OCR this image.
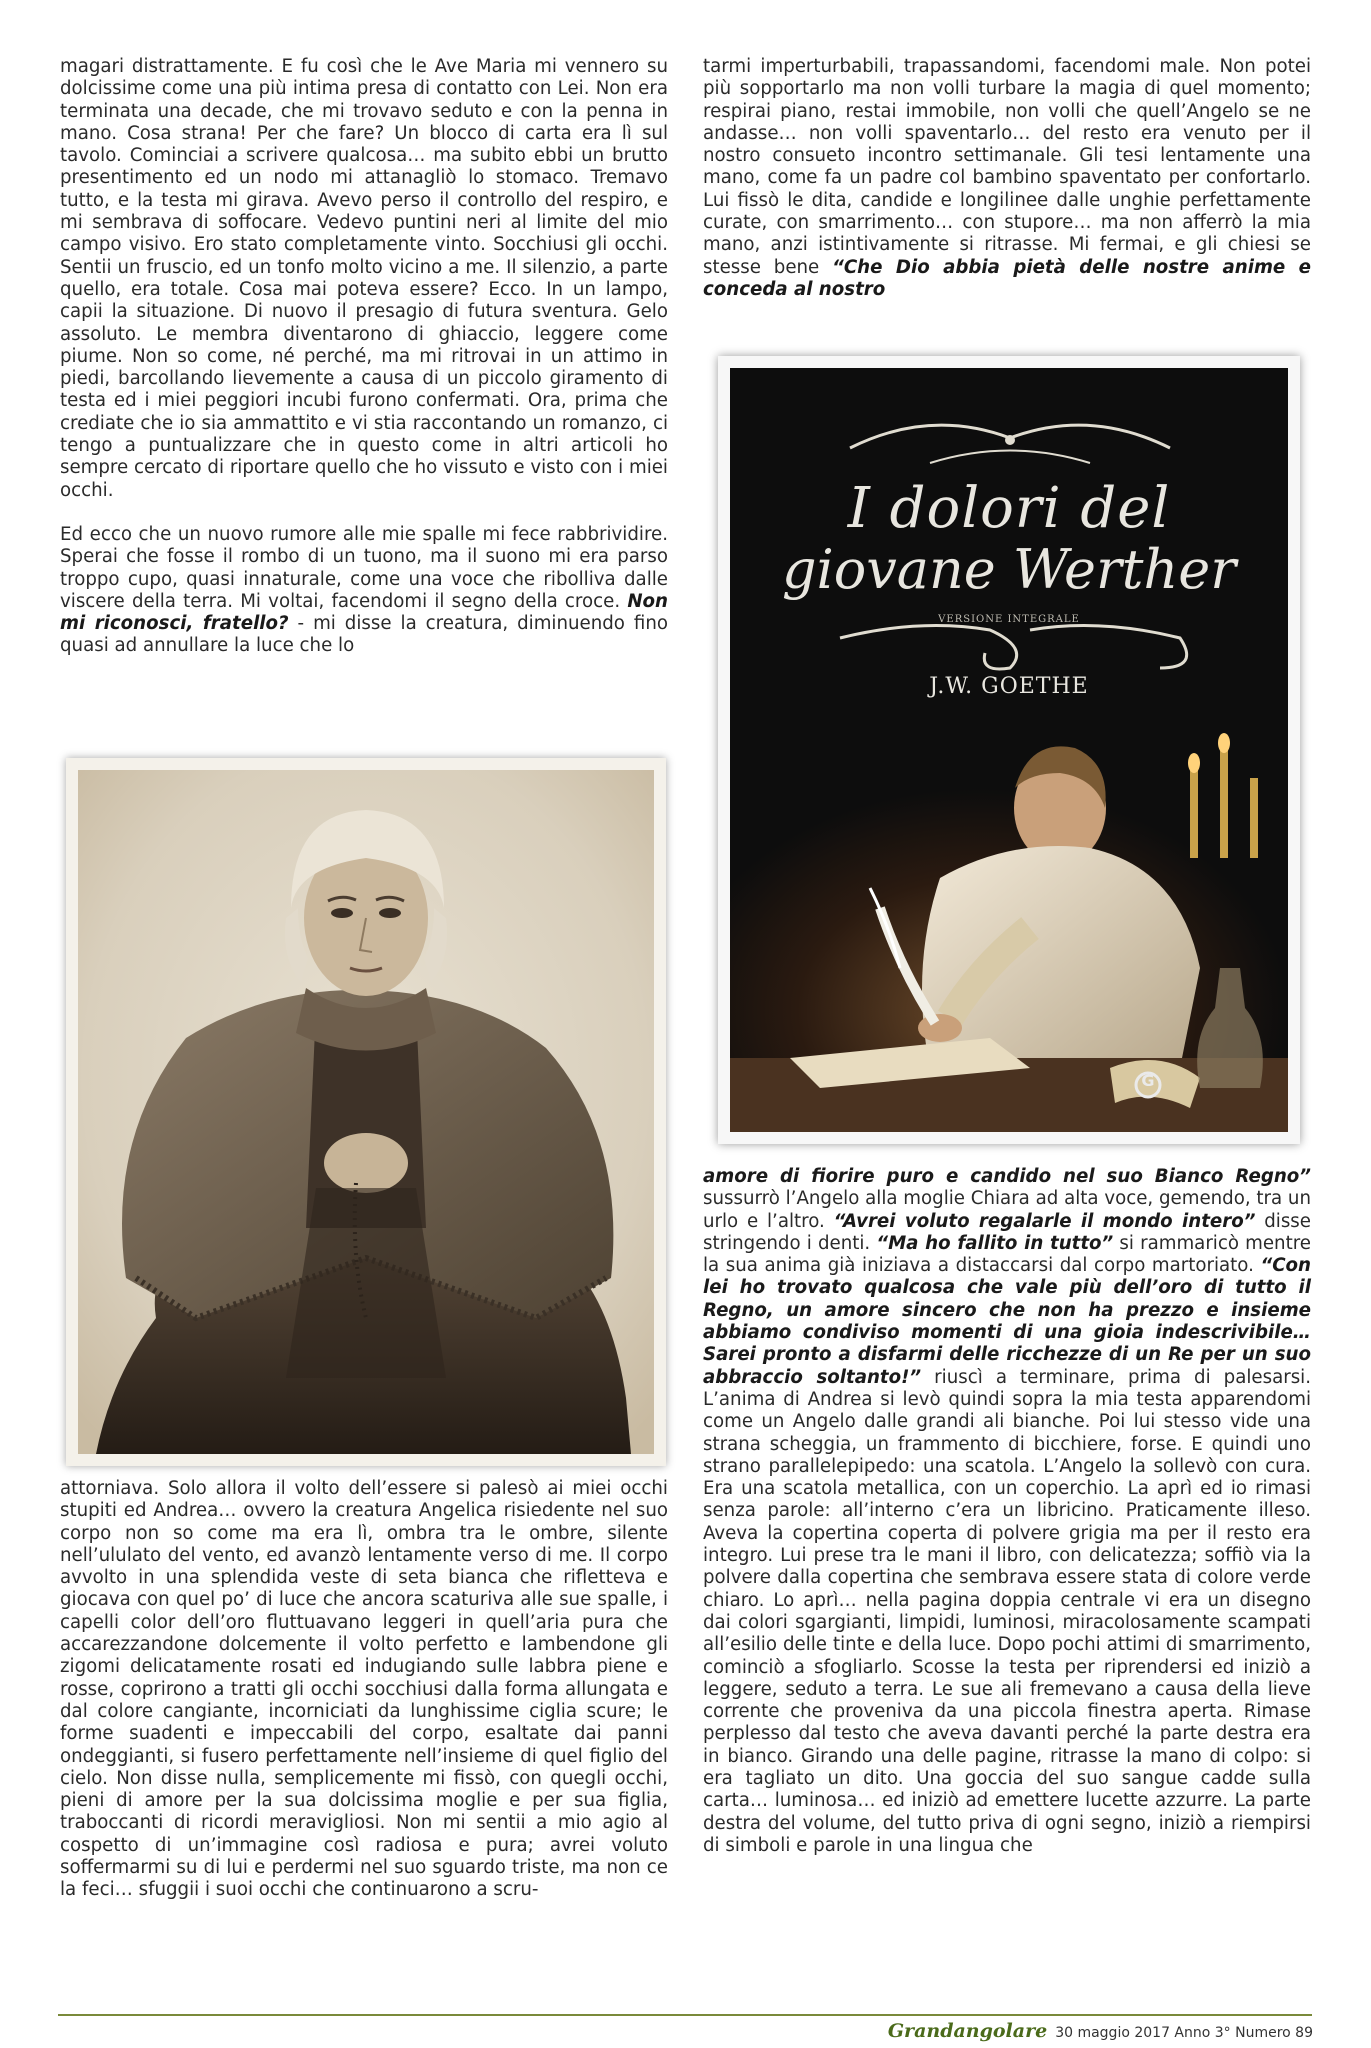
magari distrattamente. E fu così che le Ave Maria mi vennero su dolcissime come una più intima presa di contatto con Lei. Non era terminata una decade, che mi trovavo seduto e con la penna in mano. Cosa strana! Per che fare? Un blocco di carta era lì sul tavolo. Cominciai a scrivere qualcosa… ma subito ebbi un brutto presentimento ed un nodo mi attanagliò lo stomaco. Tremavo tutto, e la testa mi girava. Avevo perso il controllo del respiro, e mi sembrava di soffocare. Vedevo puntini neri al limite del mio campo visivo. Ero stato completamente vinto. Socchiusi gli occhi. Sentii un fruscio, ed un tonfo molto vicino a me. Il silenzio, a parte quello, era totale. Cosa mai poteva essere? Ecco. In un lampo, capii la situazione. Di nuovo il presagio di futura sventura. Gelo assoluto. Le membra diventarono di ghiaccio, leggere come piume. Non so come, né perché, ma mi ritrovai in un attimo in piedi, barcollando lievemente a causa di un piccolo giramento di testa ed i miei peggiori incubi furono confermati. Ora, prima che crediate che io sia ammattito e vi stia raccontando un romanzo, ci tengo a puntualizzare che in questo come in altri articoli ho sempre cercato di riportare quello che ho vissuto e visto con i miei occhi.

Ed ecco che un nuovo rumore alle mie spalle mi fece rabbrividire. Sperai che fosse il rombo di un tuono, ma il suono mi era parso troppo cupo, quasi innaturale, come una voce che ribolliva dalle viscere della terra. Mi voltai, facendomi il segno della croce. Non mi riconosci, fratello? - mi disse la creatura, diminuendo fino quasi ad annullare la luce che lo

tarmi imperturbabili, trapassandomi, facendomi male. Non potei più sopportarlo ma non volli turbare la magia di quel momento; respirai piano, restai immobile, non volli che quell’Angelo se ne andasse… non volli spaventarlo… del resto era venuto per il nostro consueto incontro settimanale. Gli tesi lentamente una mano, come fa un padre col bambino spaventato per confortarlo. Lui fissò le dita, candide e longilinee dalle unghie perfettamente curate, con smarrimento… con stupore… ma non afferrò la mia mano, anzi istintivamente si ritrasse. Mi fermai, e gli chiesi se stesse bene “Che Dio abbia pietà delle nostre anime e conceda al nostro

I dolori del
giovane Werther
VERSIONE INTEGRALE
J.W. GOETHE
G

attorniava. Solo allora il volto dell’essere si palesò ai miei occhi stupiti ed Andrea… ovvero la creatura Angelica risiedente nel suo corpo non so come ma era lì, ombra tra le ombre, silente nell’ululato del vento, ed avanzò lentamente verso di me. Il corpo avvolto in una splendida veste di seta bianca che rifletteva e giocava con quel po’ di luce che ancora scaturiva alle sue spalle, i capelli color dell’oro fluttuavano leggeri in quell’aria pura che accarezzandone dolcemente il volto perfetto e lambendone gli zigomi delicatamente rosati ed indugiando sulle labbra piene e rosse, coprirono a tratti gli occhi socchiusi dalla forma allungata e dal colore cangiante, incorniciati da lunghissime ciglia scure; le forme suadenti e impeccabili del corpo, esaltate dai panni ondeggianti, si fusero perfettamente nell’insieme di quel figlio del cielo. Non disse nulla, semplicemente mi fissò, con quegli occhi, pieni di amore per la sua dolcissima moglie e per sua figlia, traboccanti di ricordi meravigliosi. Non mi sentii a mio agio al cospetto di un’immagine così radiosa e pura; avrei voluto soffermarmi su di lui e perdermi nel suo sguardo triste, ma non ce la feci… sfuggii i suoi occhi che continuarono a scru-

amore di fiorire puro e candido nel suo Bianco Regno” sussurrò l’Angelo alla moglie Chiara ad alta voce, gemendo, tra un urlo e l’altro. “Avrei voluto regalarle il mondo intero” disse stringendo i denti. “Ma ho fallito in tutto” si rammaricò mentre la sua anima già iniziava a distaccarsi dal corpo martoriato. “Con lei ho trovato qualcosa che vale più dell’oro di tutto il Regno, un amore sincero che non ha prezzo e insieme abbiamo condiviso momenti di una gioia indescrivibile… Sarei pronto a disfarmi delle ricchezze di un Re per un suo abbraccio soltanto!” riuscì a terminare, prima di palesarsi. L’anima di Andrea si levò quindi sopra la mia testa apparendomi come un Angelo dalle grandi ali bianche. Poi lui stesso vide una strana scheggia, un frammento di bicchiere, forse. E quindi uno strano parallelepipedo: una scatola. L’Angelo la sollevò con cura. Era una scatola metallica, con un coperchio. La aprì ed io rimasi senza parole: all’interno c’era un libricino. Praticamente illeso. Aveva la copertina coperta di polvere grigia ma per il resto era integro. Lui prese tra le mani il libro, con delicatezza; soffiò via la polvere dalla copertina che sembrava essere stata di colore verde chiaro. Lo aprì… nella pagina doppia centrale vi era un disegno dai colori sgargianti, limpidi, luminosi, miracolosamente scampati all’esilio delle tinte e della luce. Dopo pochi attimi di smarrimento, cominciò a sfogliarlo. Scosse la testa per riprendersi ed iniziò a leggere, seduto a terra. Le sue ali fremevano a causa della lieve corrente che proveniva da una piccola finestra aperta. Rimase perplesso dal testo che aveva davanti perché la parte destra era in bianco. Girando una delle pagine, ritrasse la mano di colpo: si era tagliato un dito. Una goccia del suo sangue cadde sulla carta… luminosa… ed iniziò ad emettere lucette azzurre. La parte destra del volume, del tutto priva di ogni segno, iniziò a riempirsi di simboli e parole in una lingua che

Grandangolare 30 maggio 2017 Anno 3° Numero 89
